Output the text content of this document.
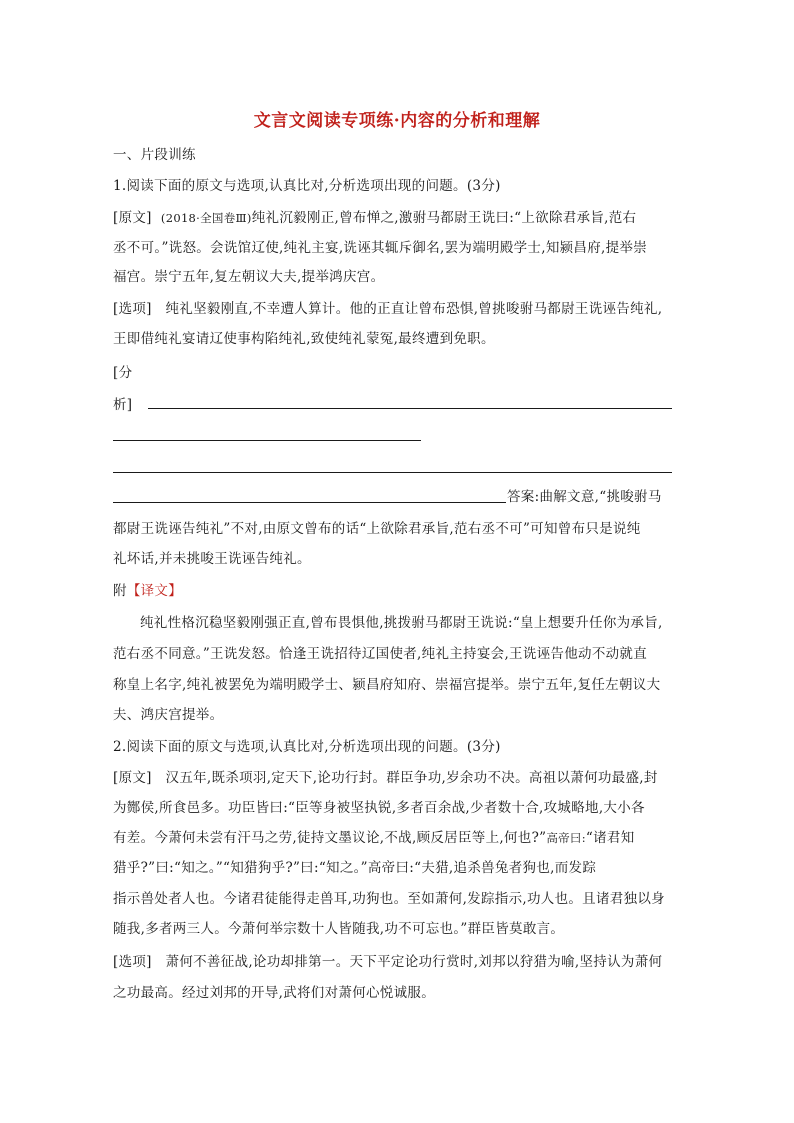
文言文阅读专项练·内容的分析和理解
一、片段训练
1.阅读下面的原文与选项,认真比对,分析选项出现的问题。(3分)
[原文] (2018·全国卷Ⅲ)纯礼沉毅刚正,曾布惮之,激驸马都尉王诜曰:“上欲除君承旨,范右
丞不可。”诜怒。会诜馆辽使,纯礼主宴,诜诬其辄斥御名,罢为端明殿学士,知颍昌府,提举崇
福宫。崇宁五年,复左朝议大夫,提举鸿庆宫。
[选项] 纯礼坚毅刚直,不幸遭人算计。他的正直让曾布恐惧,曾挑唆驸马都尉王诜诬告纯礼,
王即借纯礼宴请辽使事构陷纯礼,致使纯礼蒙冤,最终遭到免职。
[分
析]
答案:曲解文意,“挑唆驸马
都尉王诜诬告纯礼”不对,由原文曾布的话“上欲除君承旨,范右丞不可”可知曾布只是说纯
礼坏话,并未挑唆王诜诬告纯礼。
附【译文】
纯礼性格沉稳坚毅刚强正直,曾布畏惧他,挑拨驸马都尉王诜说:“皇上想要升任你为承旨,
范右丞不同意。”王诜发怒。恰逢王诜招待辽国使者,纯礼主持宴会,王诜诬告他动不动就直
称皇上名字,纯礼被罢免为端明殿学士、颍昌府知府、崇福宫提举。崇宁五年,复任左朝议大
夫、鸿庆宫提举。
2.阅读下面的原文与选项,认真比对,分析选项出现的问题。(3分)
[原文] 汉五年,既杀项羽,定天下,论功行封。群臣争功,岁余功不决。高祖以萧何功最盛,封
为酂侯,所食邑多。功臣皆曰:“臣等身被坚执锐,多者百余战,少者数十合,攻城略地,大小各
有差。今萧何未尝有汗马之劳,徒持文墨议论,不战,顾反居臣等上,何也?”高帝曰:“诸君知
猎乎?”曰:“知之。”“知猎狗乎?”曰:“知之。”高帝曰:“夫猎,追杀兽兔者狗也,而发踪
指示兽处者人也。今诸君徒能得走兽耳,功狗也。至如萧何,发踪指示,功人也。且诸君独以身
随我,多者两三人。今萧何举宗数十人皆随我,功不可忘也。”群臣皆莫敢言。
[选项] 萧何不善征战,论功却排第一。天下平定论功行赏时,刘邦以狩猎为喻,坚持认为萧何
之功最高。经过刘邦的开导,武将们对萧何心悦诚服。
